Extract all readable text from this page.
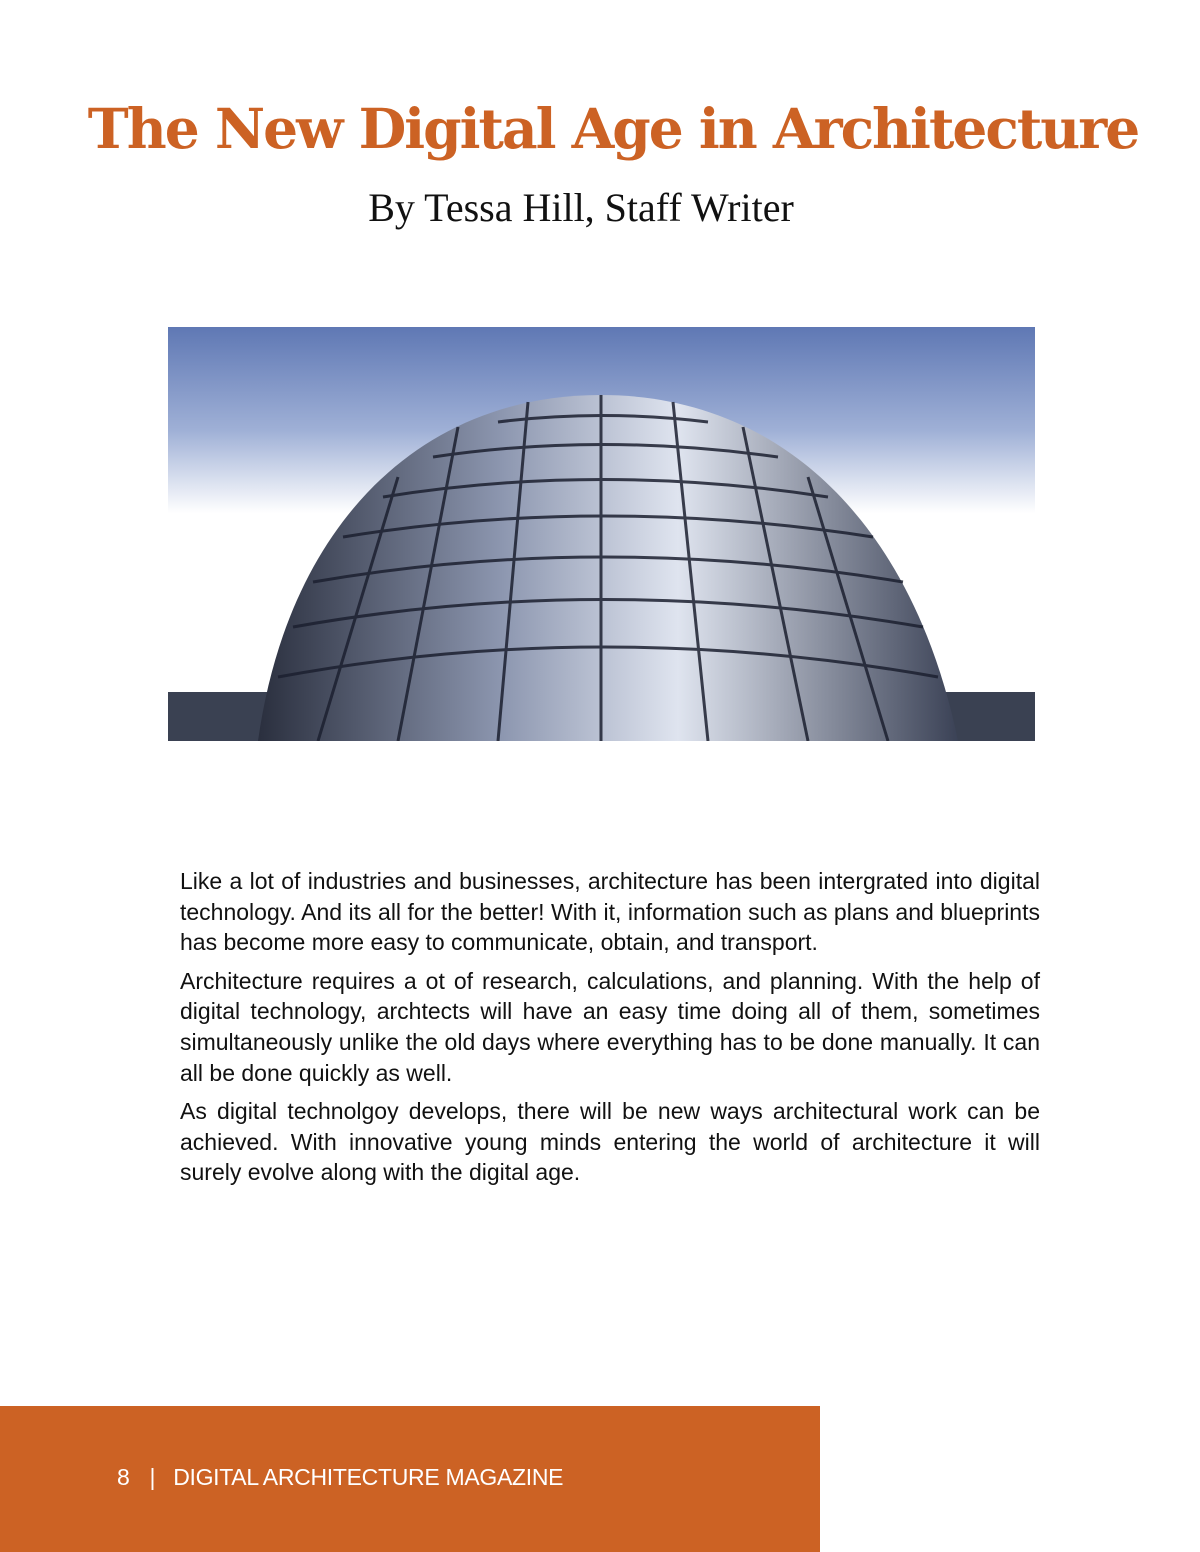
The New Digital Age in Architecture
By Tessa Hill, Staff Writer

Like a lot of industries and businesses, architecture has been intergrated into digital technology. And its all for the better! With it, information such as plans and blueprints has become more easy to communicate, obtain, and transport.

Architecture requires a ot of research, calculations, and planning. With the help of digital technology, archtects will have an easy time doing all of them, sometimes simultaneously unlike the old days where everything has to be done manually. It can all be done quickly as well.

As digital technolgoy develops, there will be new ways architectural work can be achieved. With innovative young minds entering the world of architecture it will surely evolve along with the digital age.

8 | DIGITAL ARCHITECTURE MAGAZINE
